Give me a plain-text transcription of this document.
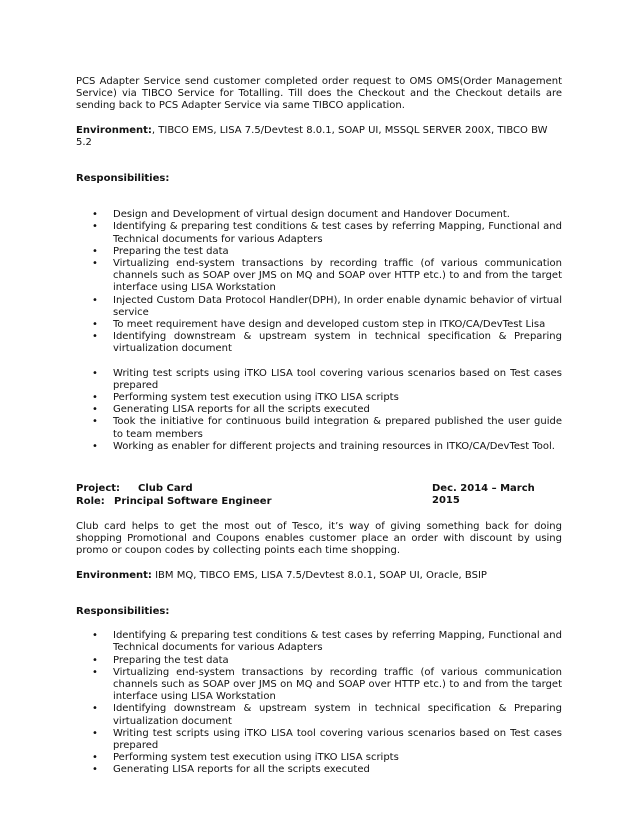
PCS Adapter Service send customer completed order request to OMS OMS(Order Management Service) via TIBCO Service for Totalling. Till does the Checkout and the Checkout details are sending back to PCS Adapter Service via same TIBCO application.

Environment:, TIBCO EMS, LISA 7.5/Devtest 8.0.1, SOAP UI, MSSQL SERVER 200X, TIBCO BW 5.2

Responsibilities:

• Design and Development of virtual design document and Handover Document.
• Identifying & preparing test conditions & test cases by referring Mapping, Functional and Technical documents for various Adapters
• Preparing the test data
• Virtualizing end-system transactions by recording traffic (of various communication channels such as SOAP over JMS on MQ and SOAP over HTTP etc.) to and from the target interface using LISA Workstation
• Injected Custom Data Protocol Handler(DPH), In order enable dynamic behavior of virtual service
• To meet requirement have design and developed custom step in ITKO/CA/DevTest Lisa
• Identifying downstream & upstream system in technical specification & Preparing virtualization document
• Writing test scripts using iTKO LISA tool covering various scenarios based on Test cases prepared
• Performing system test execution using iTKO LISA scripts
• Generating LISA reports for all the scripts executed
• Took the initiative for continuous build integration & prepared published the user guide to team members
• Working as enabler for different projects and training resources in ITKO/CA/DevTest Tool.
Project: Club Card	Dec. 2014 – March 2015
Role: Principal Software Engineer

Club card helps to get the most out of Tesco, it’s way of giving something back for doing shopping Promotional and Coupons enables customer place an order with discount by using promo or coupon codes by collecting points each time shopping.

Environment: IBM MQ, TIBCO EMS, LISA 7.5/Devtest 8.0.1, SOAP UI, Oracle, BSIP

Responsibilities:

• Identifying & preparing test conditions & test cases by referring Mapping, Functional and Technical documents for various Adapters
• Preparing the test data
• Virtualizing end-system transactions by recording traffic (of various communication channels such as SOAP over JMS on MQ and SOAP over HTTP etc.) to and from the target interface using LISA Workstation
• Identifying downstream & upstream system in technical specification & Preparing virtualization document
• Writing test scripts using iTKO LISA tool covering various scenarios based on Test cases prepared
• Performing system test execution using iTKO LISA scripts
• Generating LISA reports for all the scripts executed
